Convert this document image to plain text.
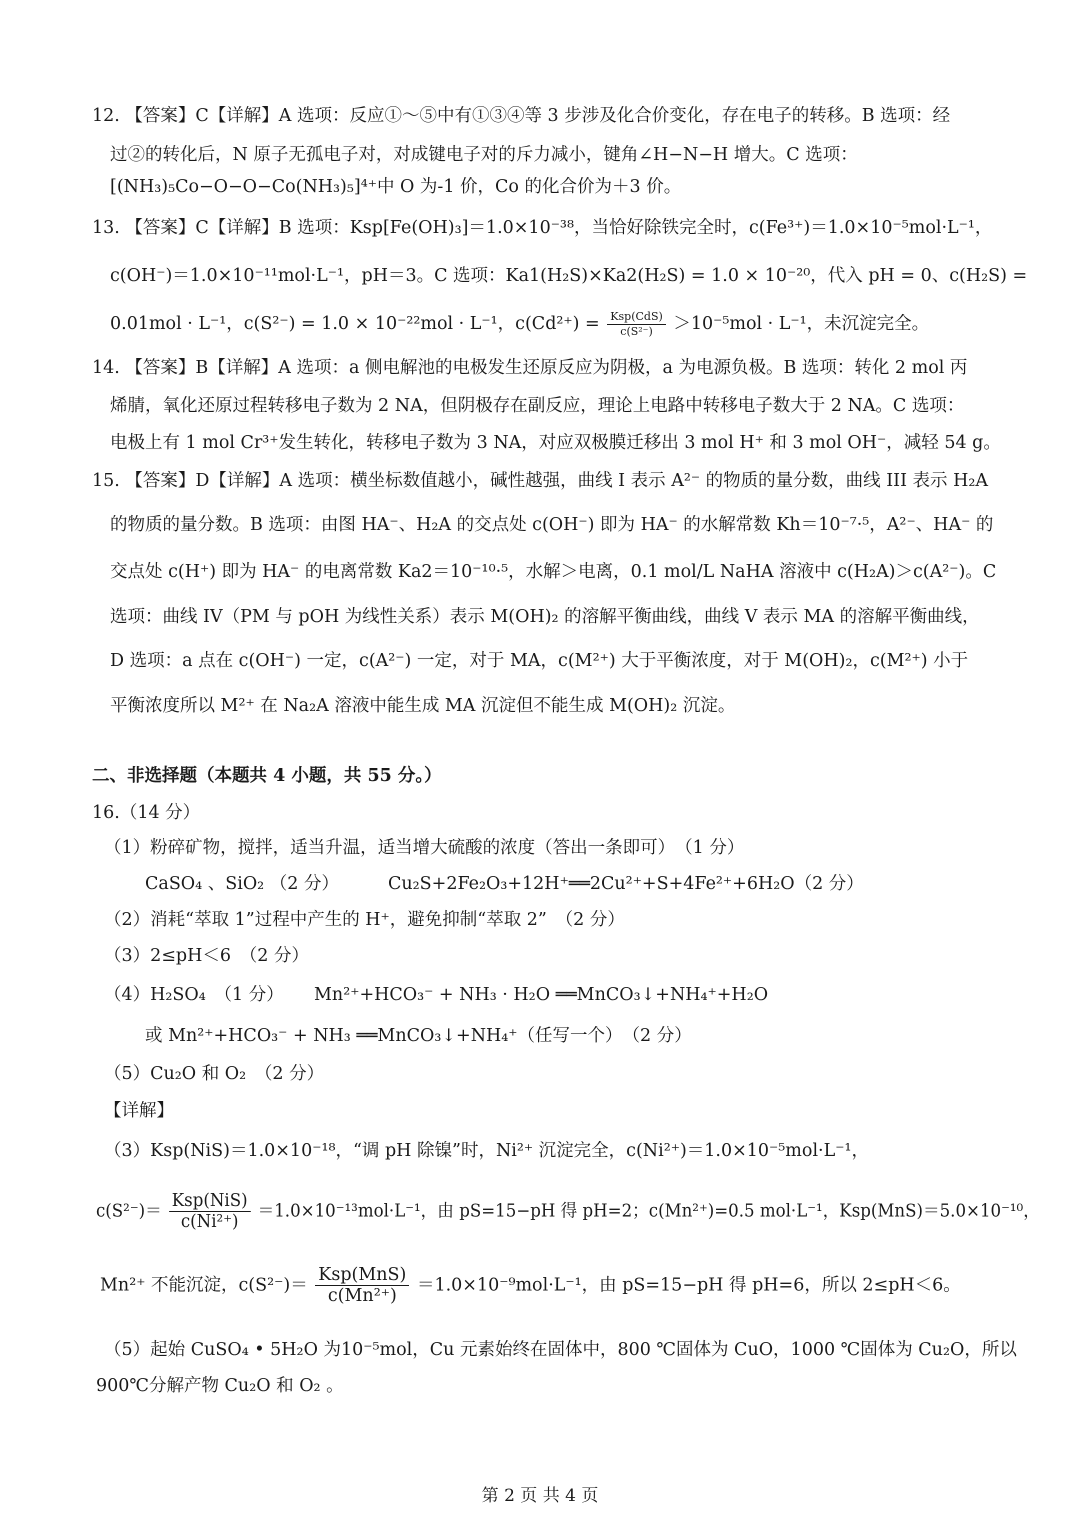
12. 【答案】C【详解】A 选项：反应①～⑤中有①③④等 3 步涉及化合价变化，存在电子的转移。B 选项：经
过②的转化后，N 原子无孤电子对，对成键电子对的斥力减小，键角∠H−N−H 增大。C 选项：
[(NH₃)₅Co−O−O−Co(NH₃)₅]⁴⁺中 O 为-1 价，Co 的化合价为＋3 价。
13. 【答案】C【详解】B 选项：Ksp[Fe(OH)₃]＝1.0×10⁻³⁸，当恰好除铁完全时，c(Fe³⁺)＝1.0×10⁻⁵mol·L⁻¹，
c(OH⁻)＝1.0×10⁻¹¹mol·L⁻¹，pH＝3。C 选项：Ka1(H₂S)×Ka2(H₂S) = 1.0 × 10⁻²⁰，代入 pH = 0、c(H₂S) =
0.01mol · L⁻¹，c(S²⁻) = 1.0 × 10⁻²²mol · L⁻¹，$c(Cd^{2+}) = \frac{\text{Ksp(CdS)}}{\text{c(S²⁻)}} >10^{-5}mol \cdot L^{-1}$，未沉淀完全。
14. 【答案】B【详解】A 选项：a 侧电解池的电极发生还原反应为阴极，a 为电源负极。B 选项：转化 2 mol 丙
烯腈，氧化还原过程转移电子数为 2 NA，但阴极存在副反应，理论上电路中转移电子数大于 2 NA。C 选项：
电极上有 1 mol Cr³⁺发生转化，转移电子数为 3 NA，对应双极膜迁移出 3 mol H⁺ 和 3 mol OH⁻，减轻 54 g。
15. 【答案】D【详解】A 选项：横坐标数值越小，碱性越强，曲线 I 表示 A²⁻ 的物质的量分数，曲线 III 表示 H₂A
的物质的量分数。B 选项：由图 HA⁻、H₂A 的交点处 c(OH⁻) 即为 HA⁻ 的水解常数 Kh＝10⁻⁷·⁵，A²⁻、HA⁻ 的
交点处 c(H⁺) 即为 HA⁻ 的电离常数 Ka2＝10⁻¹⁰·⁵，水解＞电离，0.1 mol/L NaHA 溶液中 c(H₂A)＞c(A²⁻)。C
选项：曲线 IV（PM 与 pOH 为线性关系）表示 M(OH)₂ 的溶解平衡曲线，曲线 V 表示 MA 的溶解平衡曲线，
D 选项：a 点在 c(OH⁻) 一定，c(A²⁻) 一定，对于 MA，c(M²⁺) 大于平衡浓度，对于 M(OH)₂，c(M²⁺) 小于
平衡浓度所以 M²⁺ 在 Na₂A 溶液中能生成 MA 沉淀但不能生成 M(OH)₂ 沉淀。
二、非选择题（本题共 4 小题，共 55 分。）
16.（14 分）
（1）粉碎矿物，搅拌，适当升温，适当增大硫酸的浓度（答出一条即可）　（1 分）
CaSO₄ 、SiO₂ （2 分）	Cu₂S+2Fe₂O₃+12H⁺══2Cu²⁺+S+4Fe²⁺+6H₂O（2 分）
（2）消耗“萃取 1”过程中产生的 H⁺，避免抑制“萃取 2”　（2 分）
（3）2≤pH＜6　（2 分）
（4）H₂SO₄　（1 分） Mn²⁺+HCO₃⁻ + NH₃ · H₂O ══MnCO₃↓+NH₄⁺+H₂O
或 Mn²⁺+HCO₃⁻ + NH₃ ══MnCO₃↓+NH₄⁺（任写一个）　（2 分）
（5）Cu₂O 和 O₂　（2 分）
【详解】
（3）Ksp(NiS)＝1.0×10⁻¹⁸，“调 pH 除镍”时，Ni²⁺ 沉淀完全，c(Ni²⁺)＝1.0×10⁻⁵mol·L⁻¹，
$c(S^{2-})= \frac{\text{Ksp(NiS)}}{\text{c(Ni²⁺)}} =1.0\times 10^{-13}mol\cdot L^{-1}$，由 pS=15−pH 得 pH=2；c(Mn²⁺)=0.5 mol·L⁻¹，Ksp(MnS)＝5.0×10⁻¹⁰，
Mn²⁺ 不能沉淀，$c(S^{2-})= \frac{\text{Ksp(MnS)}}{\text{c(Mn²⁺)}} =1.0\times 10^{-9}mol\cdot L^{-1}$，由 pS=15−pH 得 pH=6，所以 2≤pH＜6。
（5）起始 CuSO₄ • 5H₂O 为10⁻⁵mol，Cu 元素始终在固体中，800 ℃固体为 CuO，1000 ℃固体为 Cu₂O，所以
900℃分解产物 Cu₂O 和 O₂ 。
第 2 页 共 4 页
